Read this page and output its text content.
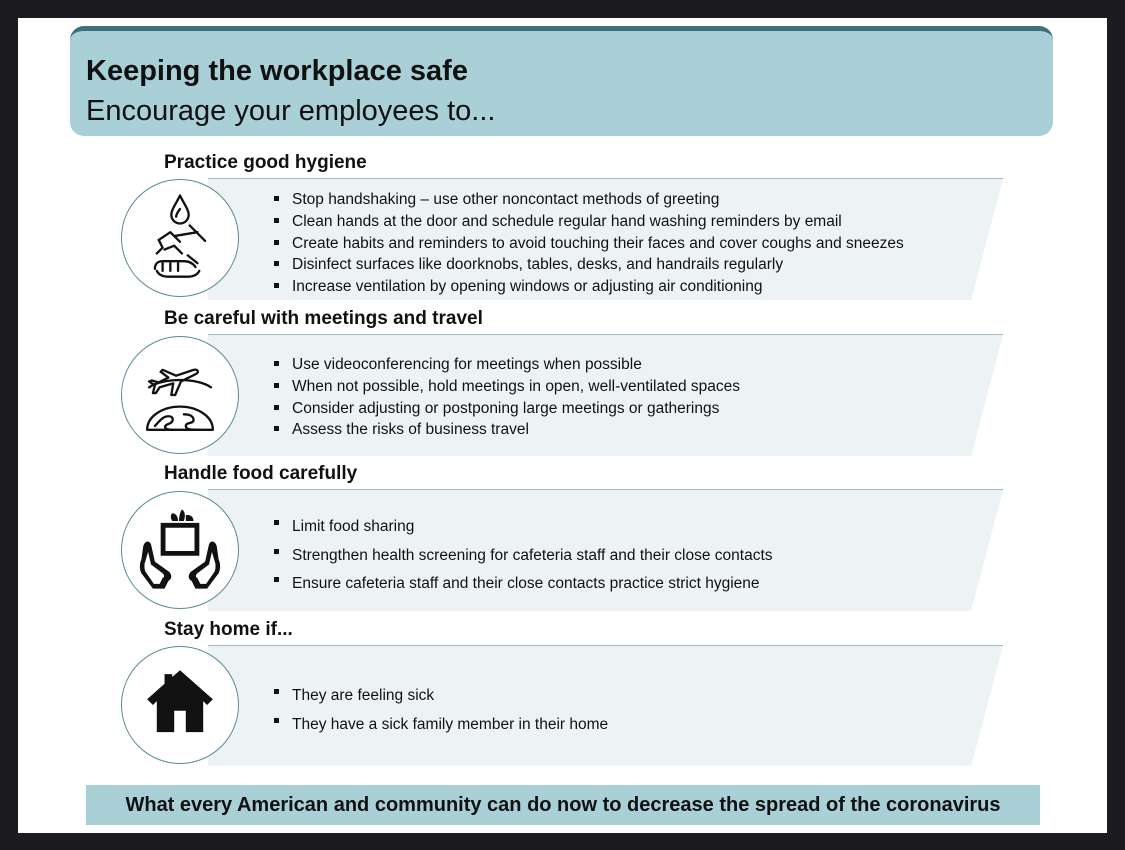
Keeping the workplace safe
Encourage your employees to...
Practice good hygiene
Stop handshaking – use other noncontact methods of greeting
Clean hands at the door and schedule regular hand washing reminders by email
Create habits and reminders to avoid touching their faces and cover coughs and sneezes
Disinfect surfaces like doorknobs, tables, desks, and handrails regularly
Increase ventilation by opening windows or adjusting air conditioning
Be careful with meetings and travel
Use videoconferencing for meetings when possible
When not possible, hold meetings in open, well-ventilated spaces
Consider adjusting or postponing large meetings or gatherings
Assess the risks of business travel
Handle food carefully
Limit food sharing
Strengthen health screening for cafeteria staff and their close contacts
Ensure cafeteria staff and their close contacts practice strict hygiene
Stay home if...
They are feeling sick
They have a sick family member in their home
What every American and community can do now to decrease the spread of the coronavirus
